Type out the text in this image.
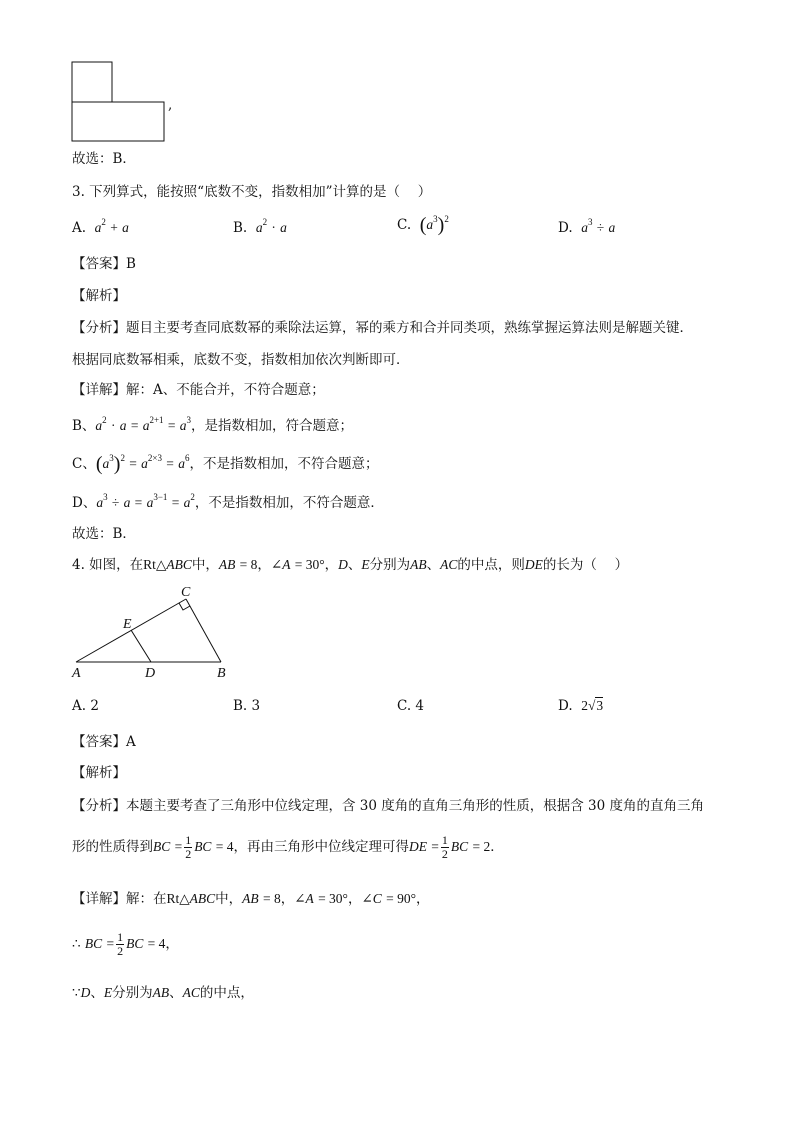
,
故选：B．
3. 下列算式，能按照“底数不变，指数相加”计算的是（　 ）
A. $a^2 + a$	B. $a^2 \cdot a$	C. $(a^3)^2$
D. $a^3 \div a$
【答案】B
【解析】
【分析】题目主要考查同底数幂的乘除法运算，幂的乘方和合并同类项，熟练掌握运算法则是解题关键．
根据同底数幂相乘，底数不变，指数相加依次判断即可．
【详解】解：A、不能合并，不符合题意；
B、$a^2 \cdot a = a^{2+1} = a^3$，是指数相加，符合题意；
C、$(a^3)^2 = a^{2\times 3} = a^6$，不是指数相加，不符合题意；
D、$a^3 \div a = a^{3-1} = a^2$，不是指数相加，不符合题意．
故选：B．
4. 如图，在Rt△ABC中，AB = 8，∠A = 30°，D、E分别为AB、AC的中点，则DE的长为（　 ）
C
E
A	D	B
A. 2	B. 3	C. 4	D. 2√3
【答案】A
【解析】
【分析】本题主要考查了三角形中位线定理，含 30 度角的直角三角形的性质，根据含 30 度角的直角三角
形的性质得到BC = $\frac{1}{2}$ BC = 4，再由三角形中位线定理可得DE = $\frac{1}{2}$ BC = 2．
【详解】解：在Rt△ABC中，AB = 8，∠A = 30°，∠C = 90°，
∴ BC = $\frac{1}{2}$ BC = 4，
∵D、E分别为AB、AC的中点，
